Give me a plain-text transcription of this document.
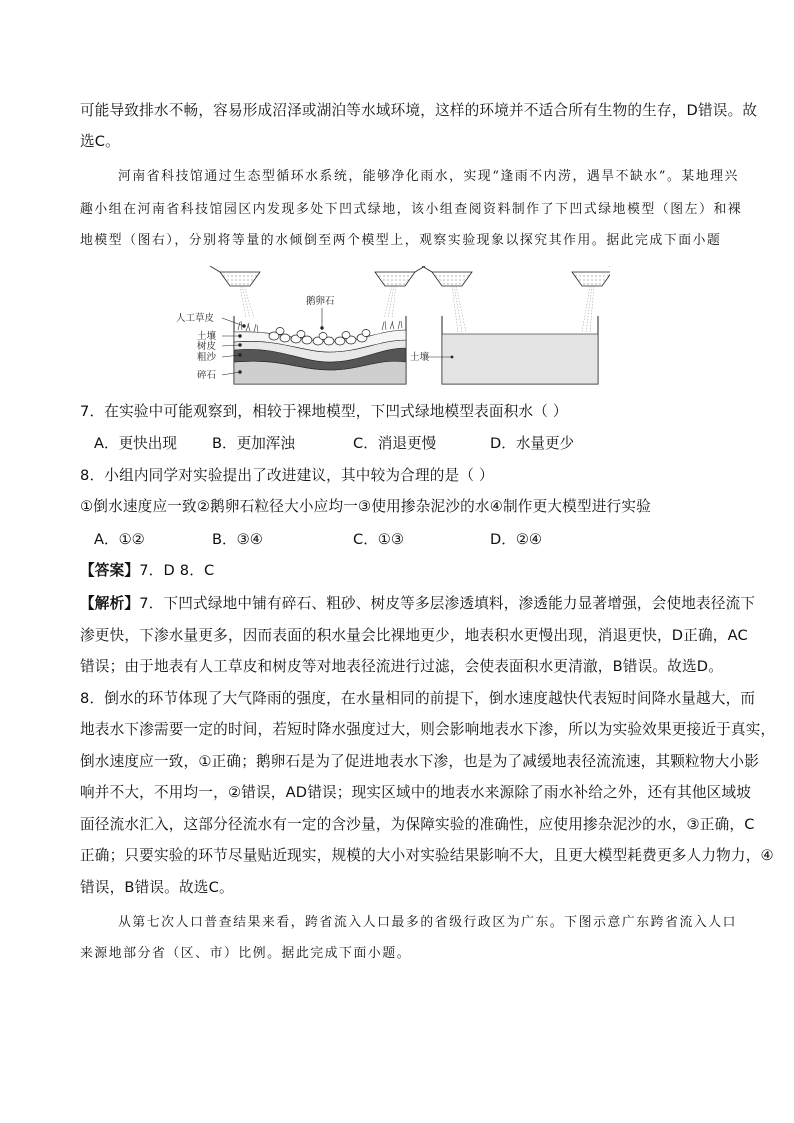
可能导致排水不畅，容易形成沼泽或湖泊等水域环境，这样的环境并不适合所有生物的生存，D错误。故
选C。
河南省科技馆通过生态型循环水系统，能够净化雨水，实现“逢雨不内涝，遇旱不缺水”。某地理兴
趣小组在河南省科技馆园区内发现多处下凹式绿地，该小组查阅资料制作了下凹式绿地模型（图左）和裸
地模型（图右），分别将等量的水倾倒至两个模型上，观察实验现象以探究其作用。据此完成下面小题
人工草皮
土壤
树皮
粗沙
碎石
鹅卵石
土壤
7．在实验中可能观察到，相较于裸地模型，下凹式绿地模型表面积水（ ）
A．更快出现 B．更加浑浊	C．消退更慢	D．水量更少
8．小组内同学对实验提出了改进建议，其中较为合理的是（ ）
①倒水速度应一致②鹅卵石粒径大小应均一③使用掺杂泥沙的水④制作更大模型进行实验
A．①②	B．③④	C．①③	D．②④
【答案】7．D 8．C
【解析】7．下凹式绿地中铺有碎石、粗砂、树皮等多层渗透填料，渗透能力显著增强，会使地表径流下
渗更快，下渗水量更多，因而表面的积水量会比裸地更少，地表积水更慢出现，消退更快，D正确，AC
错误；由于地表有人工草皮和树皮等对地表径流进行过滤，会使表面积水更清澈，B错误。故选D。
8．倒水的环节体现了大气降雨的强度，在水量相同的前提下，倒水速度越快代表短时间降水量越大，而
地表水下渗需要一定的时间，若短时降水强度过大，则会影响地表水下渗，所以为实验效果更接近于真实，
倒水速度应一致，①正确；鹅卵石是为了促进地表水下渗，也是为了减缓地表径流流速，其颗粒物大小影
响并不大，不用均一，②错误，AD错误；现实区域中的地表水来源除了雨水补给之外，还有其他区域坡
面径流水汇入，这部分径流水有一定的含沙量，为保障实验的准确性，应使用掺杂泥沙的水，③正确，C
正确；只要实验的环节尽量贴近现实，规模的大小对实验结果影响不大，且更大模型耗费更多人力物力，④
错误，B错误。故选C。
从第七次人口普查结果来看，跨省流入人口最多的省级行政区为广东。下图示意广东跨省流入人口
来源地部分省（区、市）比例。据此完成下面小题。
